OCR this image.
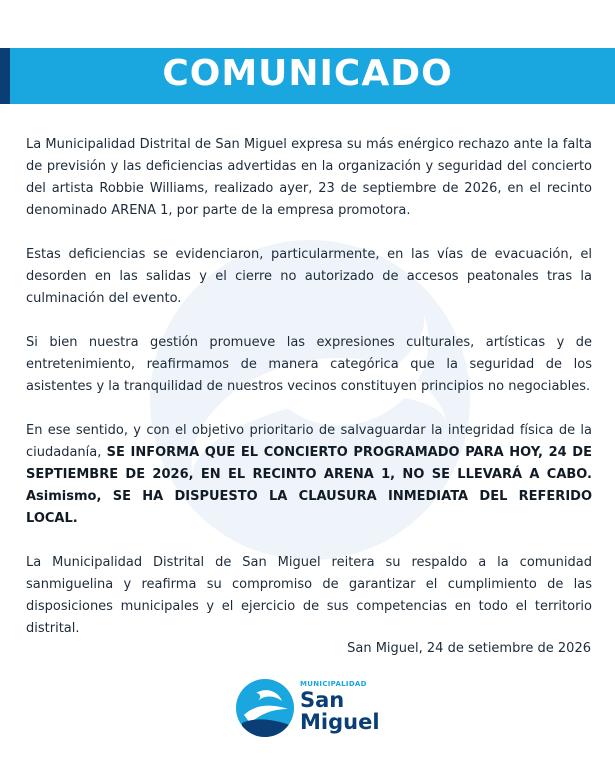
COMUNICADO

La Municipalidad Distrital de San Miguel expresa su más enérgico rechazo ante la falta de previsión y las deficiencias advertidas en la organización y seguridad del concierto del artista Robbie Williams, realizado ayer, 23 de septiembre de 2026, en el recinto denominado ARENA 1, por parte de la empresa promotora.

Estas deficiencias se evidenciaron, particularmente, en las vías de evacuación, el desorden en las salidas y el cierre no autorizado de accesos peatonales tras la culminación del evento.

Si bien nuestra gestión promueve las expresiones culturales, artísticas y de entretenimiento, reafirmamos de manera categórica que la seguridad de los asistentes y la tranquilidad de nuestros vecinos constituyen principios no negociables.

En ese sentido, y con el objetivo prioritario de salvaguardar la integridad física de la ciudadanía, SE INFORMA QUE EL CONCIERTO PROGRAMADO PARA HOY, 24 DE SEPTIEMBRE DE 2026, EN EL RECINTO ARENA 1, NO SE LLEVARÁ A CABO. Asimismo, SE HA DISPUESTO LA CLAUSURA INMEDIATA DEL REFERIDO LOCAL.

La Municipalidad Distrital de San Miguel reitera su respaldo a la comunidad sanmiguelina y reafirma su compromiso de garantizar el cumplimiento de las disposiciones municipales y el ejercicio de sus competencias en todo el territorio distrital.

San Miguel, 24 de setiembre de 2026
MUNICIPALIDAD
San
Miguel
